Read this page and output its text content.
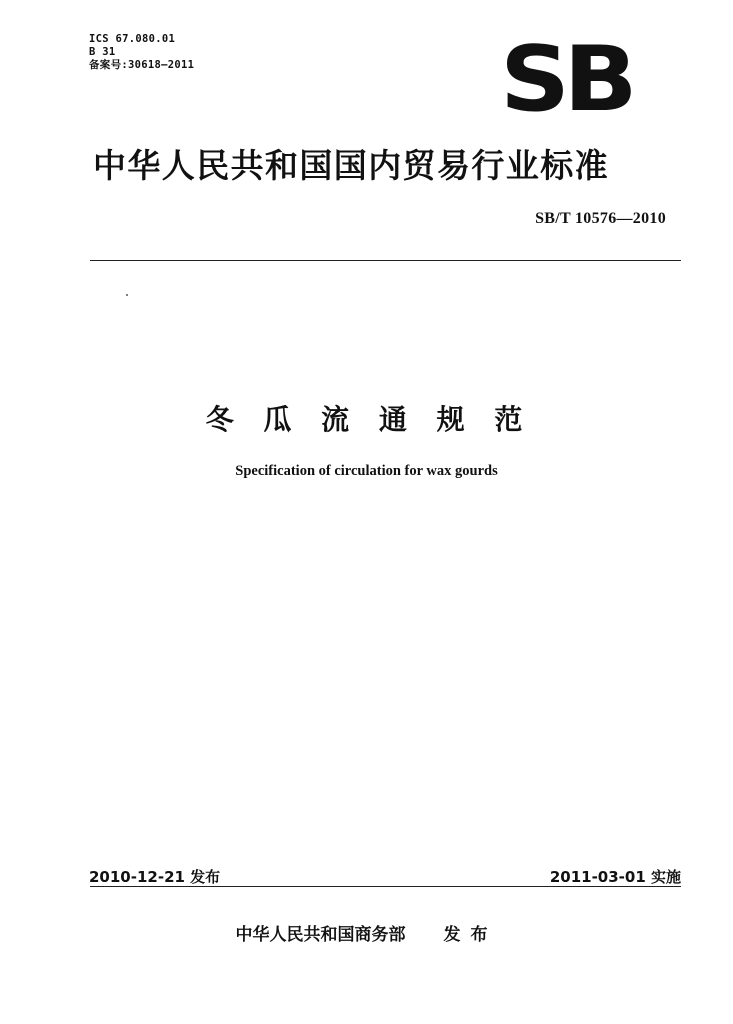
ICS 67.080.01
B 31
备案号:30618—2011	SB
中华人民共和国国内贸易行业标准
SB/T 10576—2010
冬 瓜 流 通 规 范
Specification of circulation for wax gourds
2010-12-21 发布	2011-03-01 实施
中华人民共和国商务部 发布
